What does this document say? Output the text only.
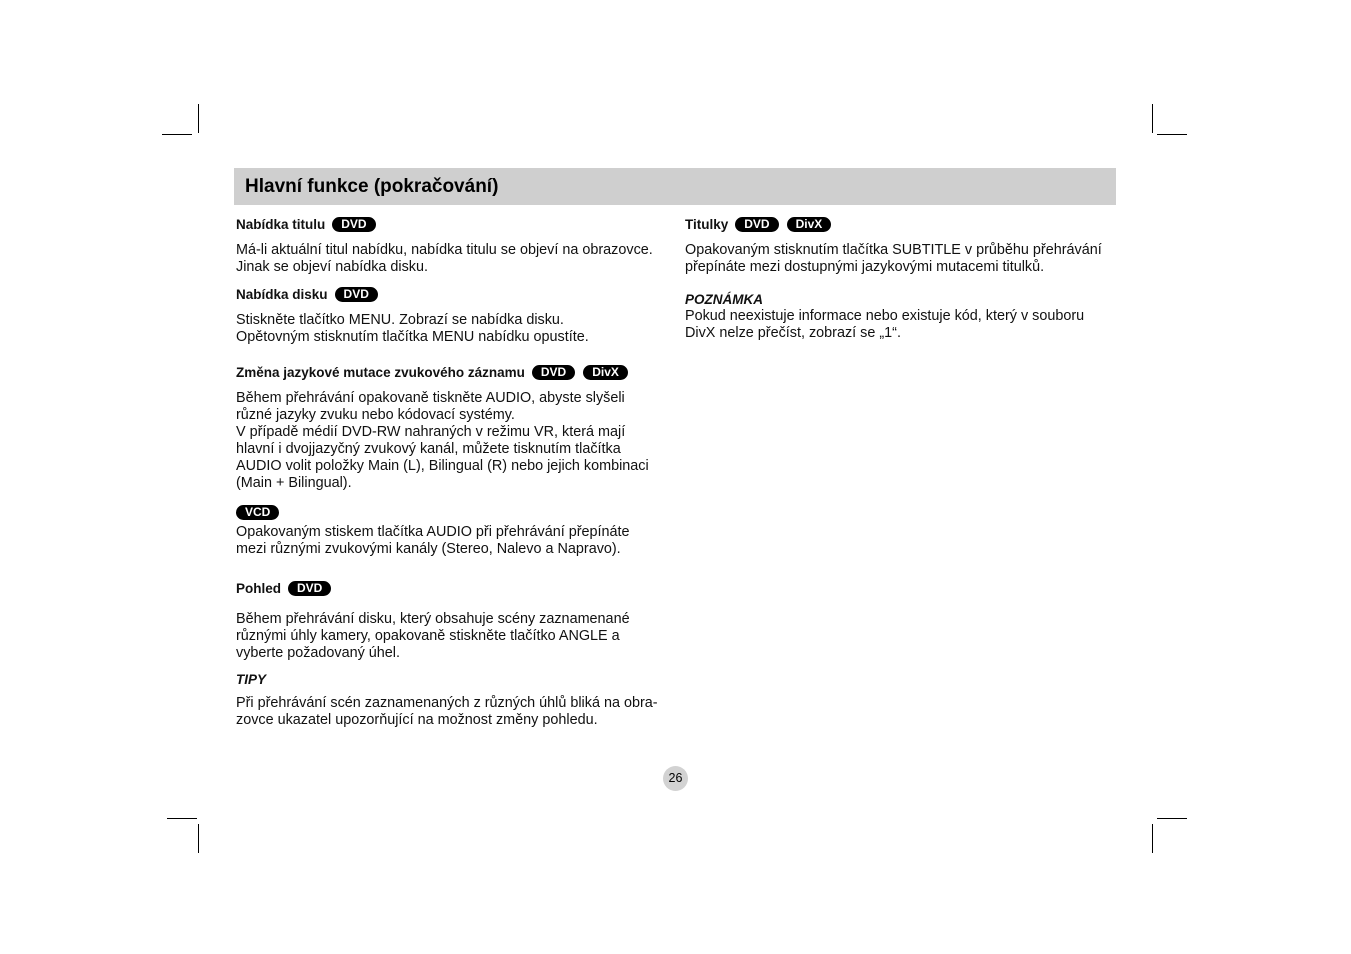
Hlavní funkce (pokračování)
Nabídka titulu	DVD

Má-li aktuální titul nabídku, nabídka titulu se objeví na obrazovce.
Jinak se objeví nabídka disku.

Nabídka disku	DVD

Stiskněte tlačítko MENU. Zobrazí se nabídka disku.
Opětovným stisknutím tlačítka MENU nabídku opustíte.

Změna jazykové mutace zvukového záznamu	DVD	DivX

Během přehrávání opakovaně tiskněte AUDIO, abyste slyšeli
různé jazyky zvuku nebo kódovací systémy.
V případě médií DVD-RW nahraných v režimu VR, která mají
hlavní i dvojjazyčný zvukový kanál, můžete tisknutím tlačítka
AUDIO volit položky Main (L), Bilingual (R) nebo jejich kombinaci
(Main + Bilingual).

VCD

Opakovaným stiskem tlačítka AUDIO při přehrávání přepínáte
mezi různými zvukovými kanály (Stereo, Nalevo a Napravo).

Pohled	DVD

Během přehrávání disku, který obsahuje scény zaznamenané
různými úhly kamery, opakovaně stiskněte tlačítko ANGLE a
vyberte požadovaný úhel.

TIPY

Při přehrávání scén zaznamenaných z různých úhlů bliká na obra-
zovce ukazatel upozorňující na možnost změny pohledu.

Titulky	DVD	DivX

Opakovaným stisknutím tlačítka SUBTITLE v průběhu přehrávání
přepínáte mezi dostupnými jazykovými mutacemi titulků.

POZNÁMKA

Pokud neexistuje informace nebo existuje kód, který v souboru
DivX nelze přečíst, zobrazí se „1“.

26
